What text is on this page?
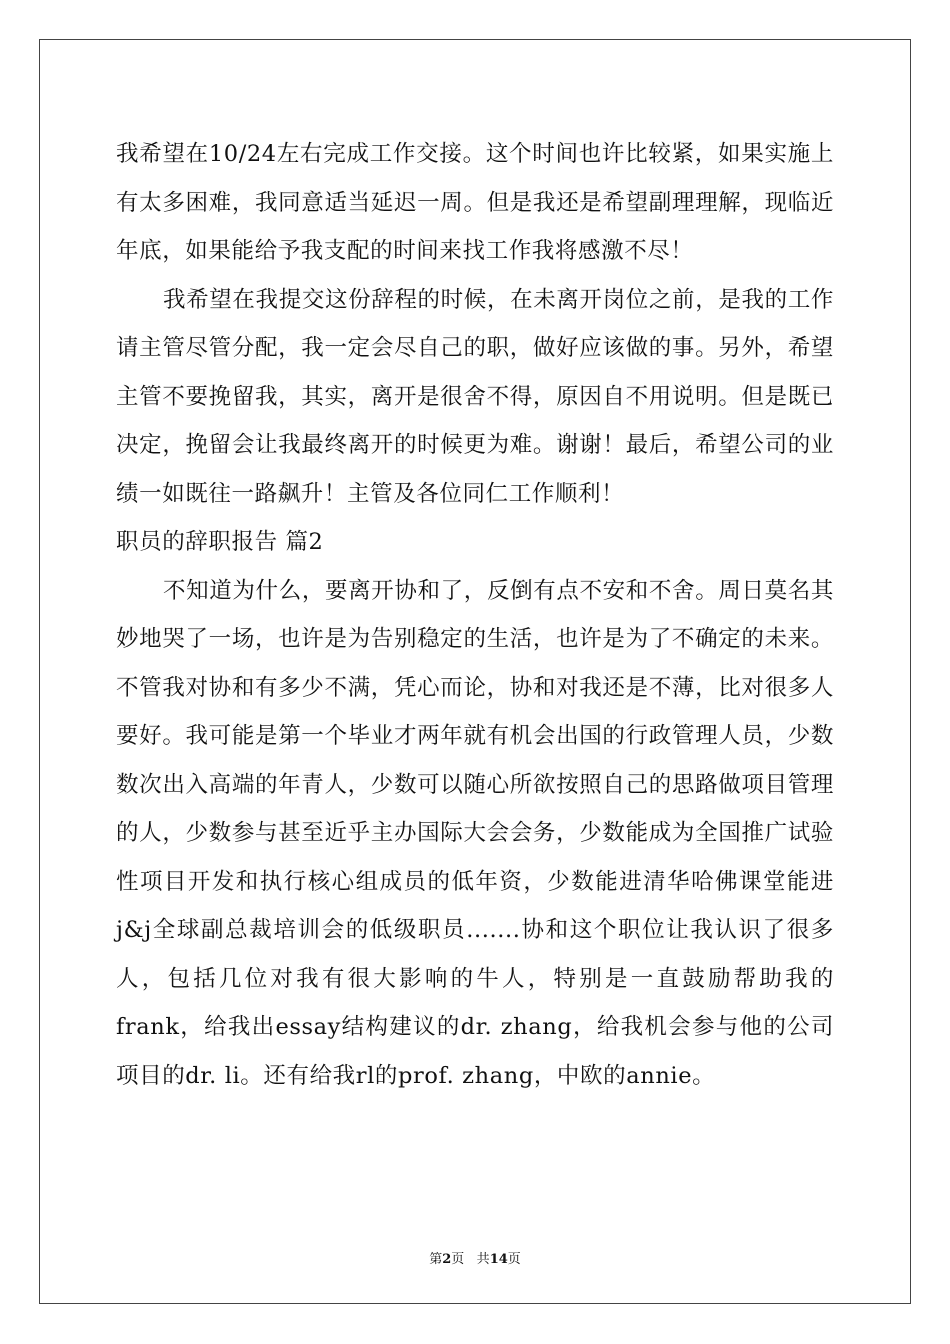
我希望在10/24左右完成工作交接。这个时间也许比较紧，如果实施上有太多困难，我同意适当延迟一周。但是我还是希望副理理解，现临近年底，如果能给予我支配的时间来找工作我将感激不尽！

我希望在我提交这份辞程的时候，在未离开岗位之前，是我的工作请主管尽管分配，我一定会尽自己的职，做好应该做的事。另外，希望主管不要挽留我，其实，离开是很舍不得，原因自不用说明。但是既已决定，挽留会让我最终离开的时候更为难。谢谢！最后，希望公司的业绩一如既往一路飙升！主管及各位同仁工作顺利！

职员的辞职报告 篇2

不知道为什么，要离开协和了，反倒有点不安和不舍。周日莫名其妙地哭了一场，也许是为告别稳定的生活，也许是为了不确定的未来。不管我对协和有多少不满，凭心而论，协和对我还是不薄，比对很多人要好。我可能是第一个毕业才两年就有机会出国的行政管理人员，少数数次出入高端的年青人，少数可以随心所欲按照自己的思路做项目管理的人，少数参与甚至近乎主办国际大会会务，少数能成为全国推广试验性项目开发和执行核心组成员的低年资，少数能进清华哈佛课堂能进j&j全球副总裁培训会的低级职员.......协和这个职位让我认识了很多人，包括几位对我有很大影响的牛人，特别是一直鼓励帮助我的frank，给我出essay结构建议的dr. zhang，给我机会参与他的公司项目的dr. li。还有给我rl的prof. zhang，中欧的annie。

第2页 共14页
